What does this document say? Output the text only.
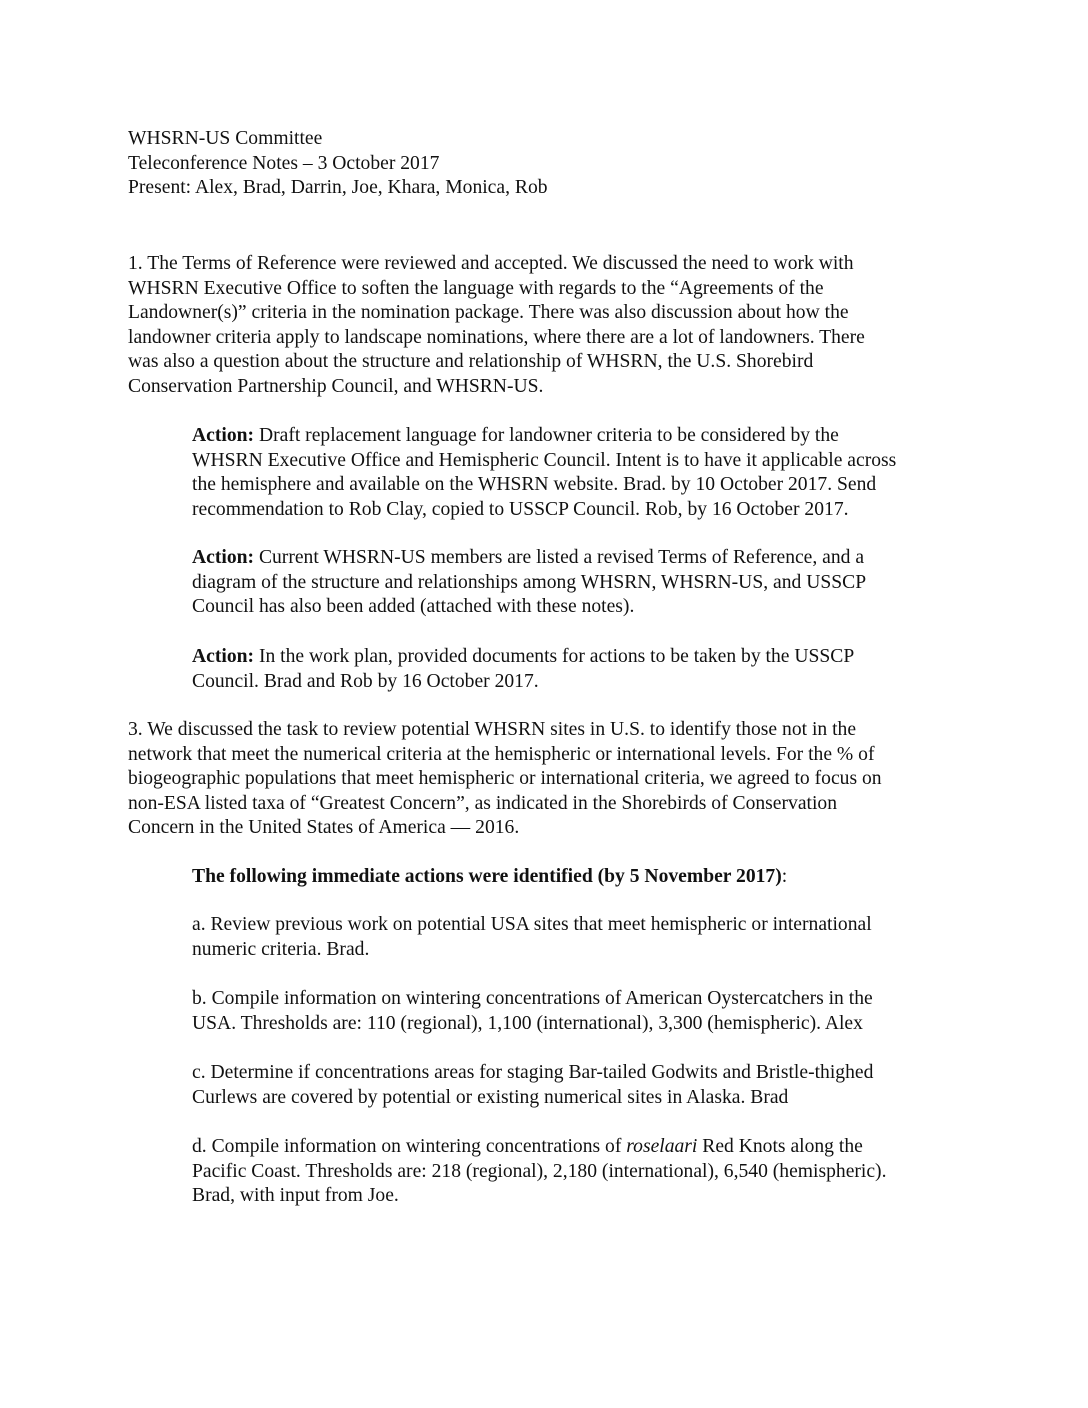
WHSRN-US Committee
Teleconference Notes – 3 October 2017
Present: Alex, Brad, Darrin, Joe, Khara, Monica, Rob

1. The Terms of Reference were reviewed and accepted. We discussed the need to work with
WHSRN Executive Office to soften the language with regards to the “Agreements of the
Landowner(s)” criteria in the nomination package. There was also discussion about how the
landowner criteria apply to landscape nominations, where there are a lot of landowners. There
was also a question about the structure and relationship of WHSRN, the U.S. Shorebird
Conservation Partnership Council, and WHSRN-US.

Action: Draft replacement language for landowner criteria to be considered by the
WHSRN Executive Office and Hemispheric Council. Intent is to have it applicable across
the hemisphere and available on the WHSRN website. Brad. by 10 October 2017. Send
recommendation to Rob Clay, copied to USSCP Council. Rob, by 16 October 2017.

Action: Current WHSRN-US members are listed a revised Terms of Reference, and a
diagram of the structure and relationships among WHSRN, WHSRN-US, and USSCP
Council has also been added (attached with these notes).

Action: In the work plan, provided documents for actions to be taken by the USSCP
Council. Brad and Rob by 16 October 2017.

3. We discussed the task to review potential WHSRN sites in U.S. to identify those not in the
network that meet the numerical criteria at the hemispheric or international levels. For the % of
biogeographic populations that meet hemispheric or international criteria, we agreed to focus on
non-ESA listed taxa of “Greatest Concern”, as indicated in the Shorebirds of Conservation
Concern in the United States of America — 2016.

The following immediate actions were identified (by 5 November 2017):

a. Review previous work on potential USA sites that meet hemispheric or international
numeric criteria. Brad.

b. Compile information on wintering concentrations of American Oystercatchers in the
USA. Thresholds are: 110 (regional), 1,100 (international), 3,300 (hemispheric). Alex

c. Determine if concentrations areas for staging Bar-tailed Godwits and Bristle-thighed
Curlews are covered by potential or existing numerical sites in Alaska. Brad

d. Compile information on wintering concentrations of roselaari Red Knots along the
Pacific Coast. Thresholds are: 218 (regional), 2,180 (international), 6,540 (hemispheric).
Brad, with input from Joe.
